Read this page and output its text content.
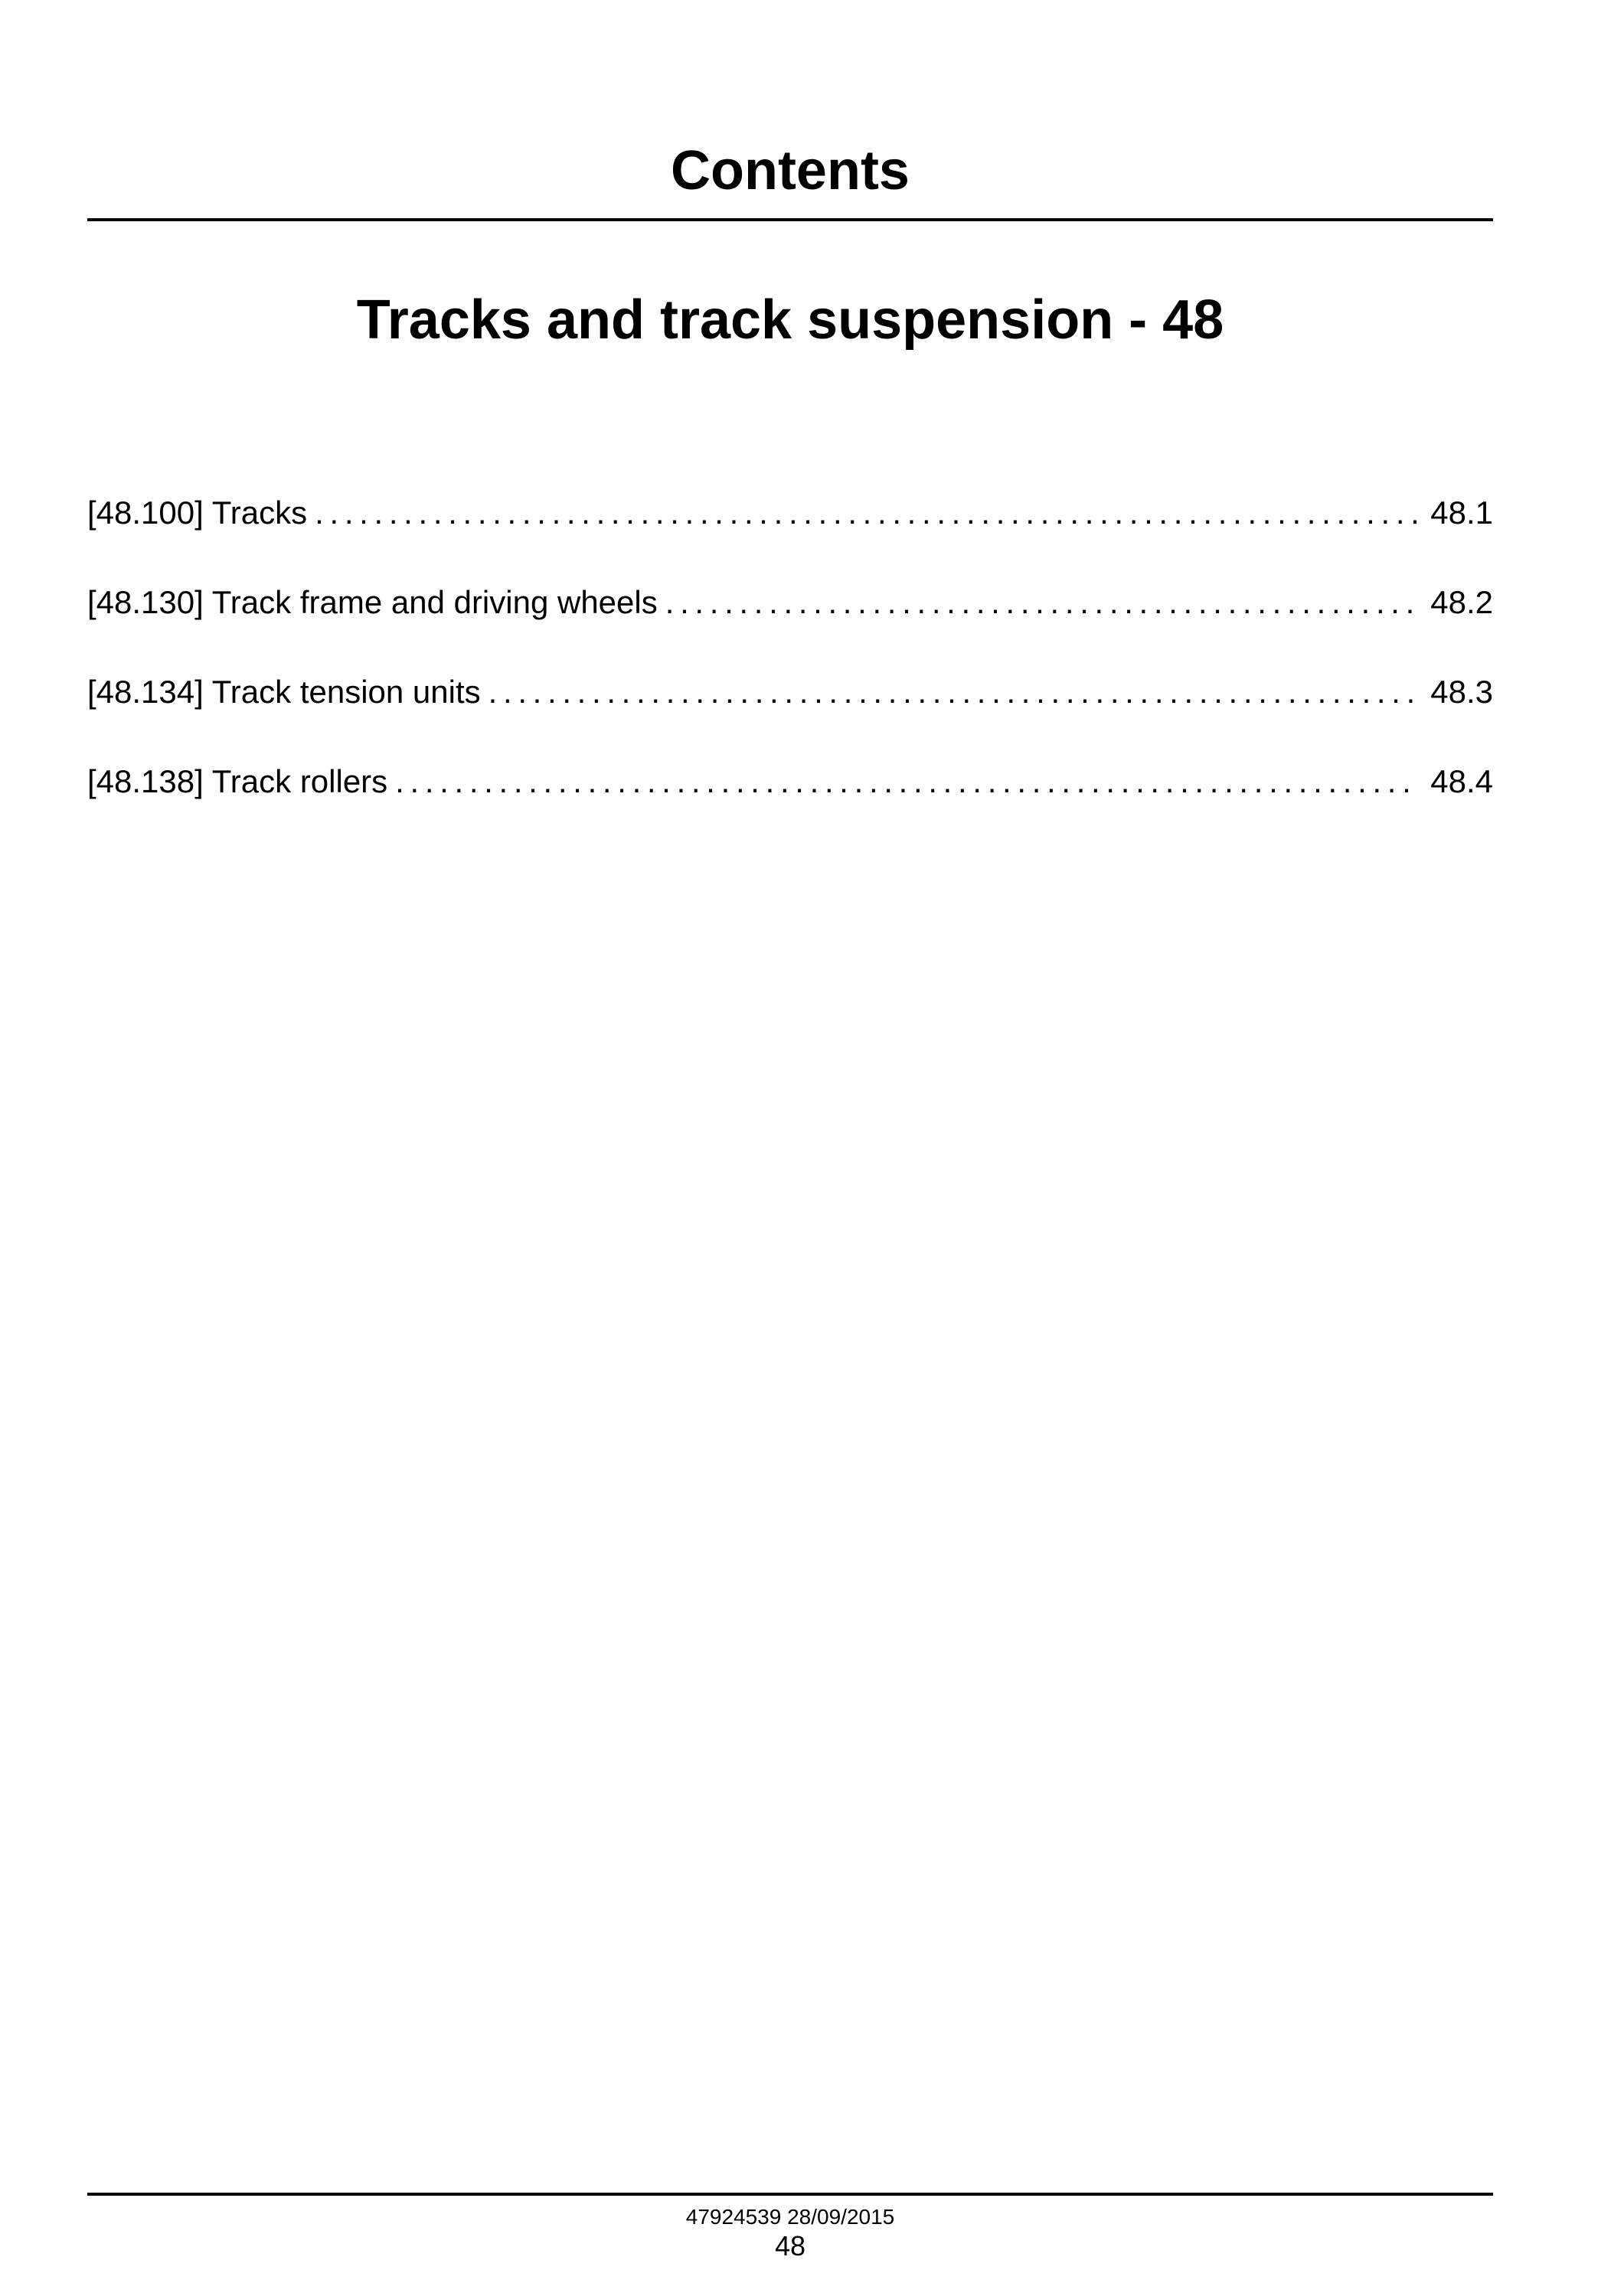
Contents
Tracks and track suspension - 48
[48.100] Tracks . . .	48.1
[48.130] Track frame and driving wheels . . .	48.2
[48.134] Track tension units . . .	48.3
[48.138] Track rollers . . .	48.4
47924539 28/09/2015
48
